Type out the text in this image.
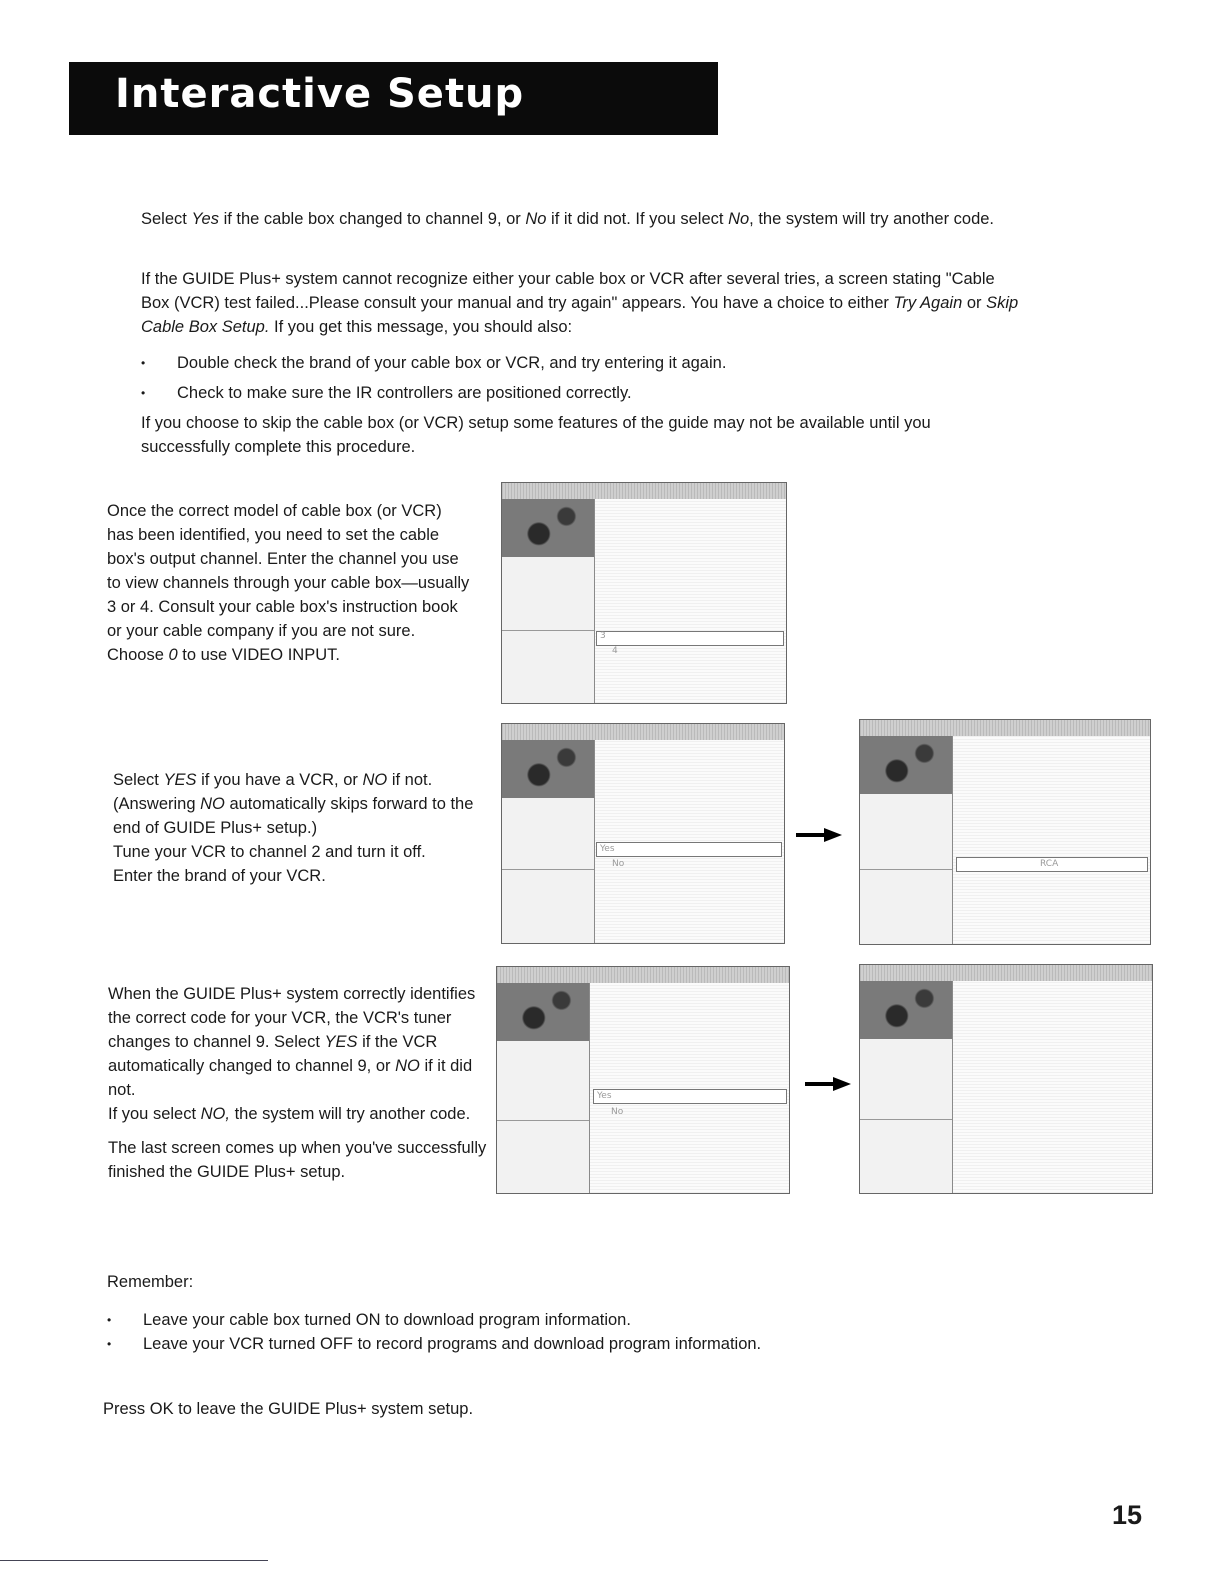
Interactive Setup

Select Yes if the cable box changed to channel 9, or No if it did not. If you select No, the system will try another code.

If the GUIDE Plus+ system cannot recognize either your cable box or VCR after several tries, a screen stating "Cable Box (VCR) test failed...Please consult your manual and try again" appears. You have a choice to either Try Again or Skip Cable Box Setup. If you get this message, you should also:

• Double check the brand of your cable box or VCR, and try entering it again.
• Check to make sure the IR controllers are positioned correctly.

If you choose to skip the cable box (or VCR) setup some features of the guide may not be available until you successfully complete this procedure.

Once the correct model of cable box (or VCR) has been identified, you need to set the cable box's output channel. Enter the channel you use to view channels through your cable box—usually 3 or 4. Consult your cable box's instruction book or your cable company if you are not sure. Choose 0 to use VIDEO INPUT.

3
4

Select YES if you have a VCR, or NO if not.

(Answering NO automatically skips forward to the end of GUIDE Plus+ setup.)

Tune your VCR to channel 2 and turn it off.

Enter the brand of your VCR.

Yes
No	RCA

When the GUIDE Plus+ system correctly identifies the correct code for your VCR, the VCR's tuner changes to channel 9. Select YES if the VCR automatically changed to channel 9, or NO if it did not.

If you select NO, the system will try another code.

The last screen comes up when you've successfully finished the GUIDE Plus+ setup.

Yes
No

Remember:

• Leave your cable box turned ON to download program information.
• Leave your VCR turned OFF to record programs and download program information.

Press OK to leave the GUIDE Plus+ system setup.

15
